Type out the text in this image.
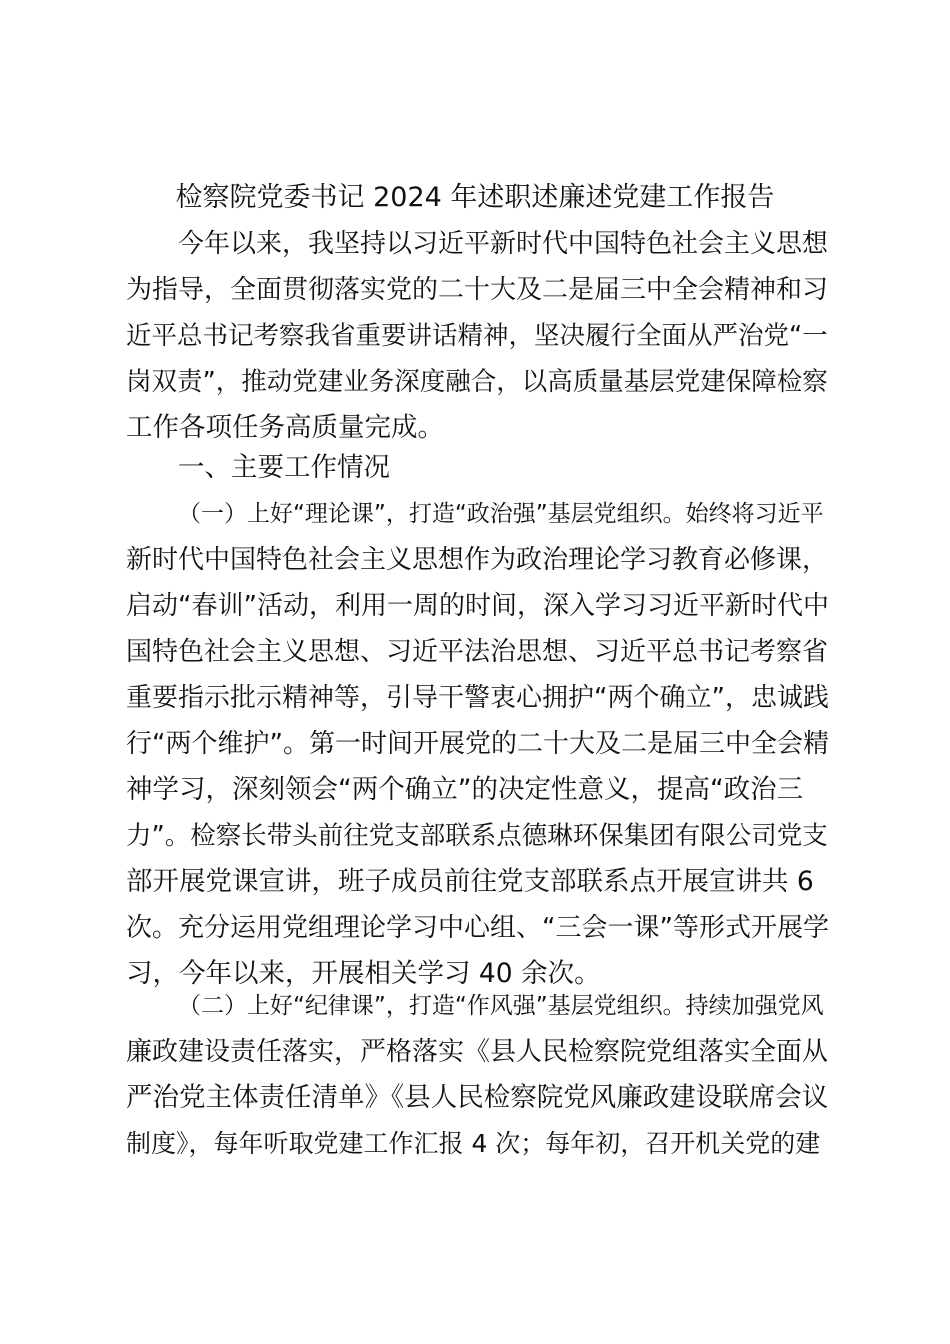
检察院党委书记 2024 年述职述廉述党建工作报告
今年以来，我坚持以习近平新时代中国特色社会主义思想
为指导，全面贯彻落实党的二十大及二是届三中全会精神和习
近平总书记考察我省重要讲话精神，坚决履行全面从严治党“一
岗双责”，推动党建业务深度融合，以高质量基层党建保障检察
工作各项任务高质量完成。
一、主要工作情况
（一）上好“理论课”，打造“政治强”基层党组织。始终将习近平
新时代中国特色社会主义思想作为政治理论学习教育必修课，
启动“春训”活动，利用一周的时间，深入学习习近平新时代中
国特色社会主义思想、习近平法治思想、习近平总书记考察省
重要指示批示精神等，引导干警衷心拥护“两个确立”，忠诚践
行“两个维护”。第一时间开展党的二十大及二是届三中全会精
神学习，深刻领会“两个确立”的决定性意义，提高“政治三
力”。检察长带头前往党支部联系点德琳环保集团有限公司党支
部开展党课宣讲，班子成员前往党支部联系点开展宣讲共 6
次。充分运用党组理论学习中心组、“三会一课”等形式开展学
习，今年以来，开展相关学习 40 余次。
（二）上好“纪律课”，打造“作风强”基层党组织。持续加强党风
廉政建设责任落实，严格落实《县人民检察院党组落实全面从
严治党主体责任清单》《县人民检察院党风廉政建设联席会议
制度》，每年听取党建工作汇报 4 次；每年初，召开机关党的建
